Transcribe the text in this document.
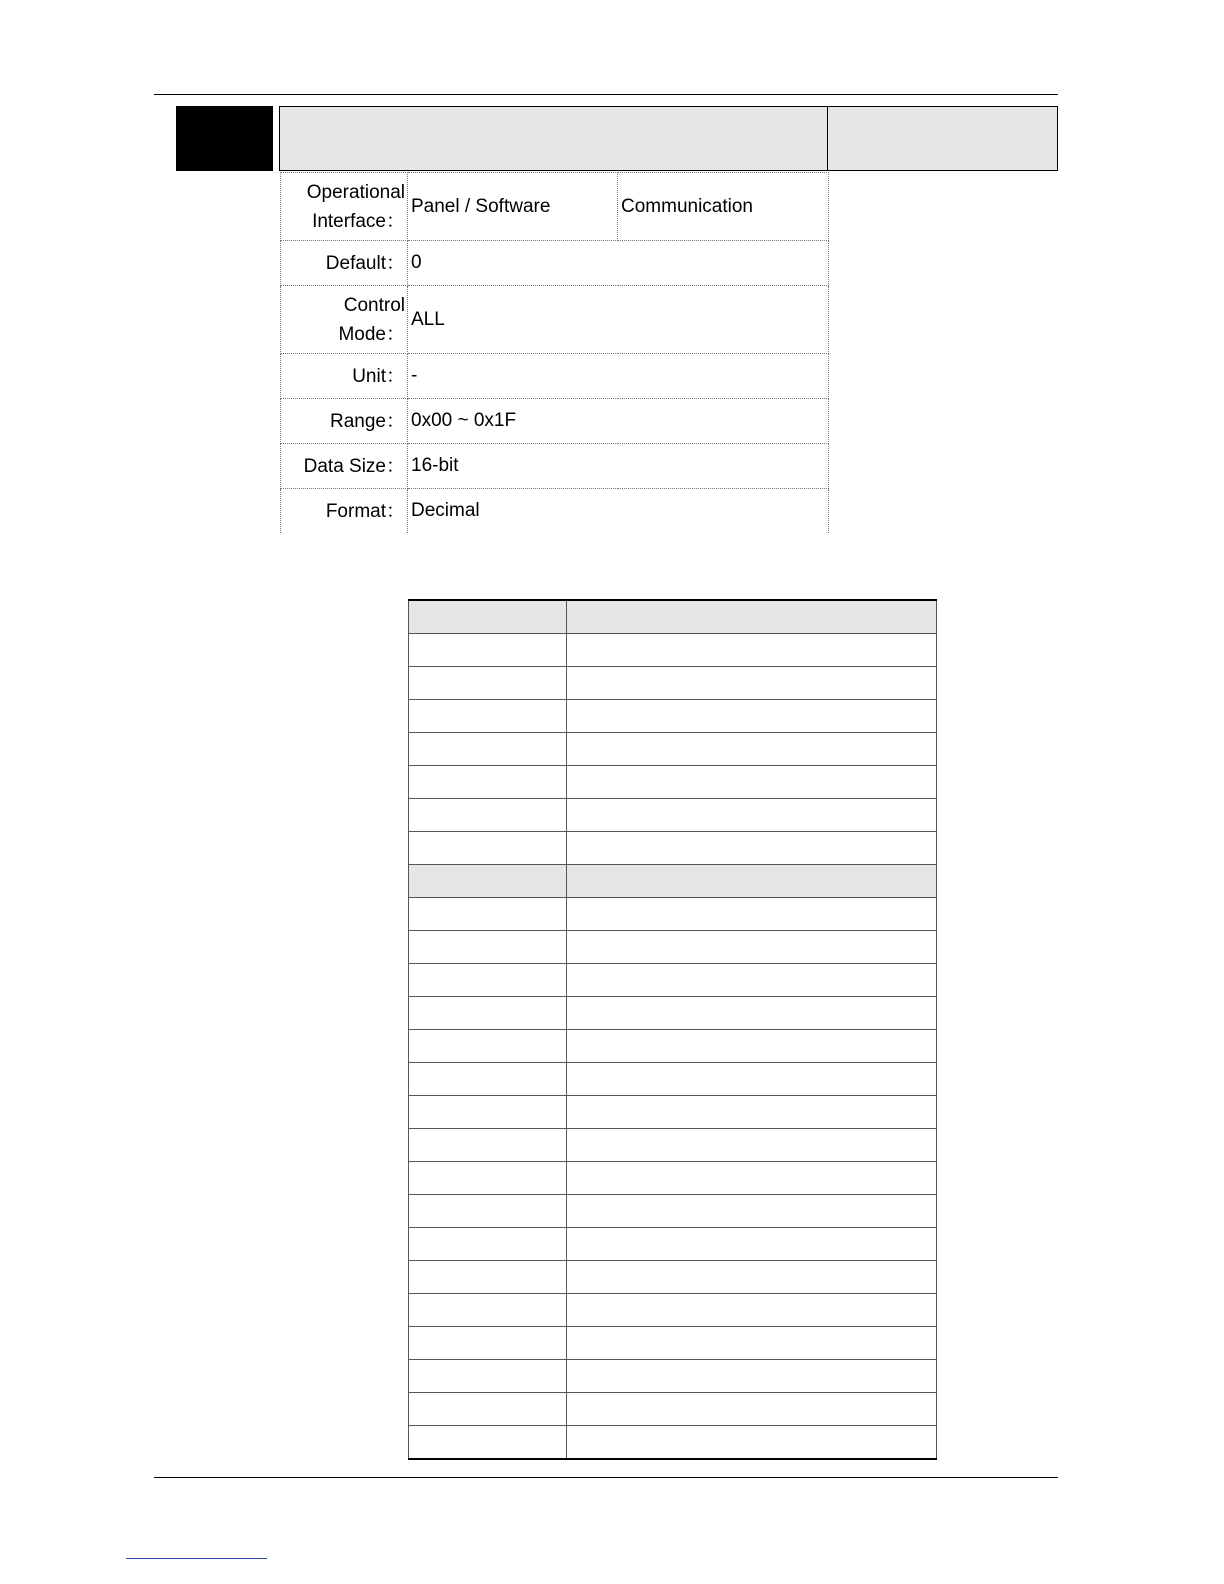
Operational
Interface：	Panel / Software	Communication
Default：	0	

Control
Mode：	ALL	
Unit：	-	
Range：	0x00 ~ 0x1F	
Data Size：	16-bit	
Format：	Decimal	
